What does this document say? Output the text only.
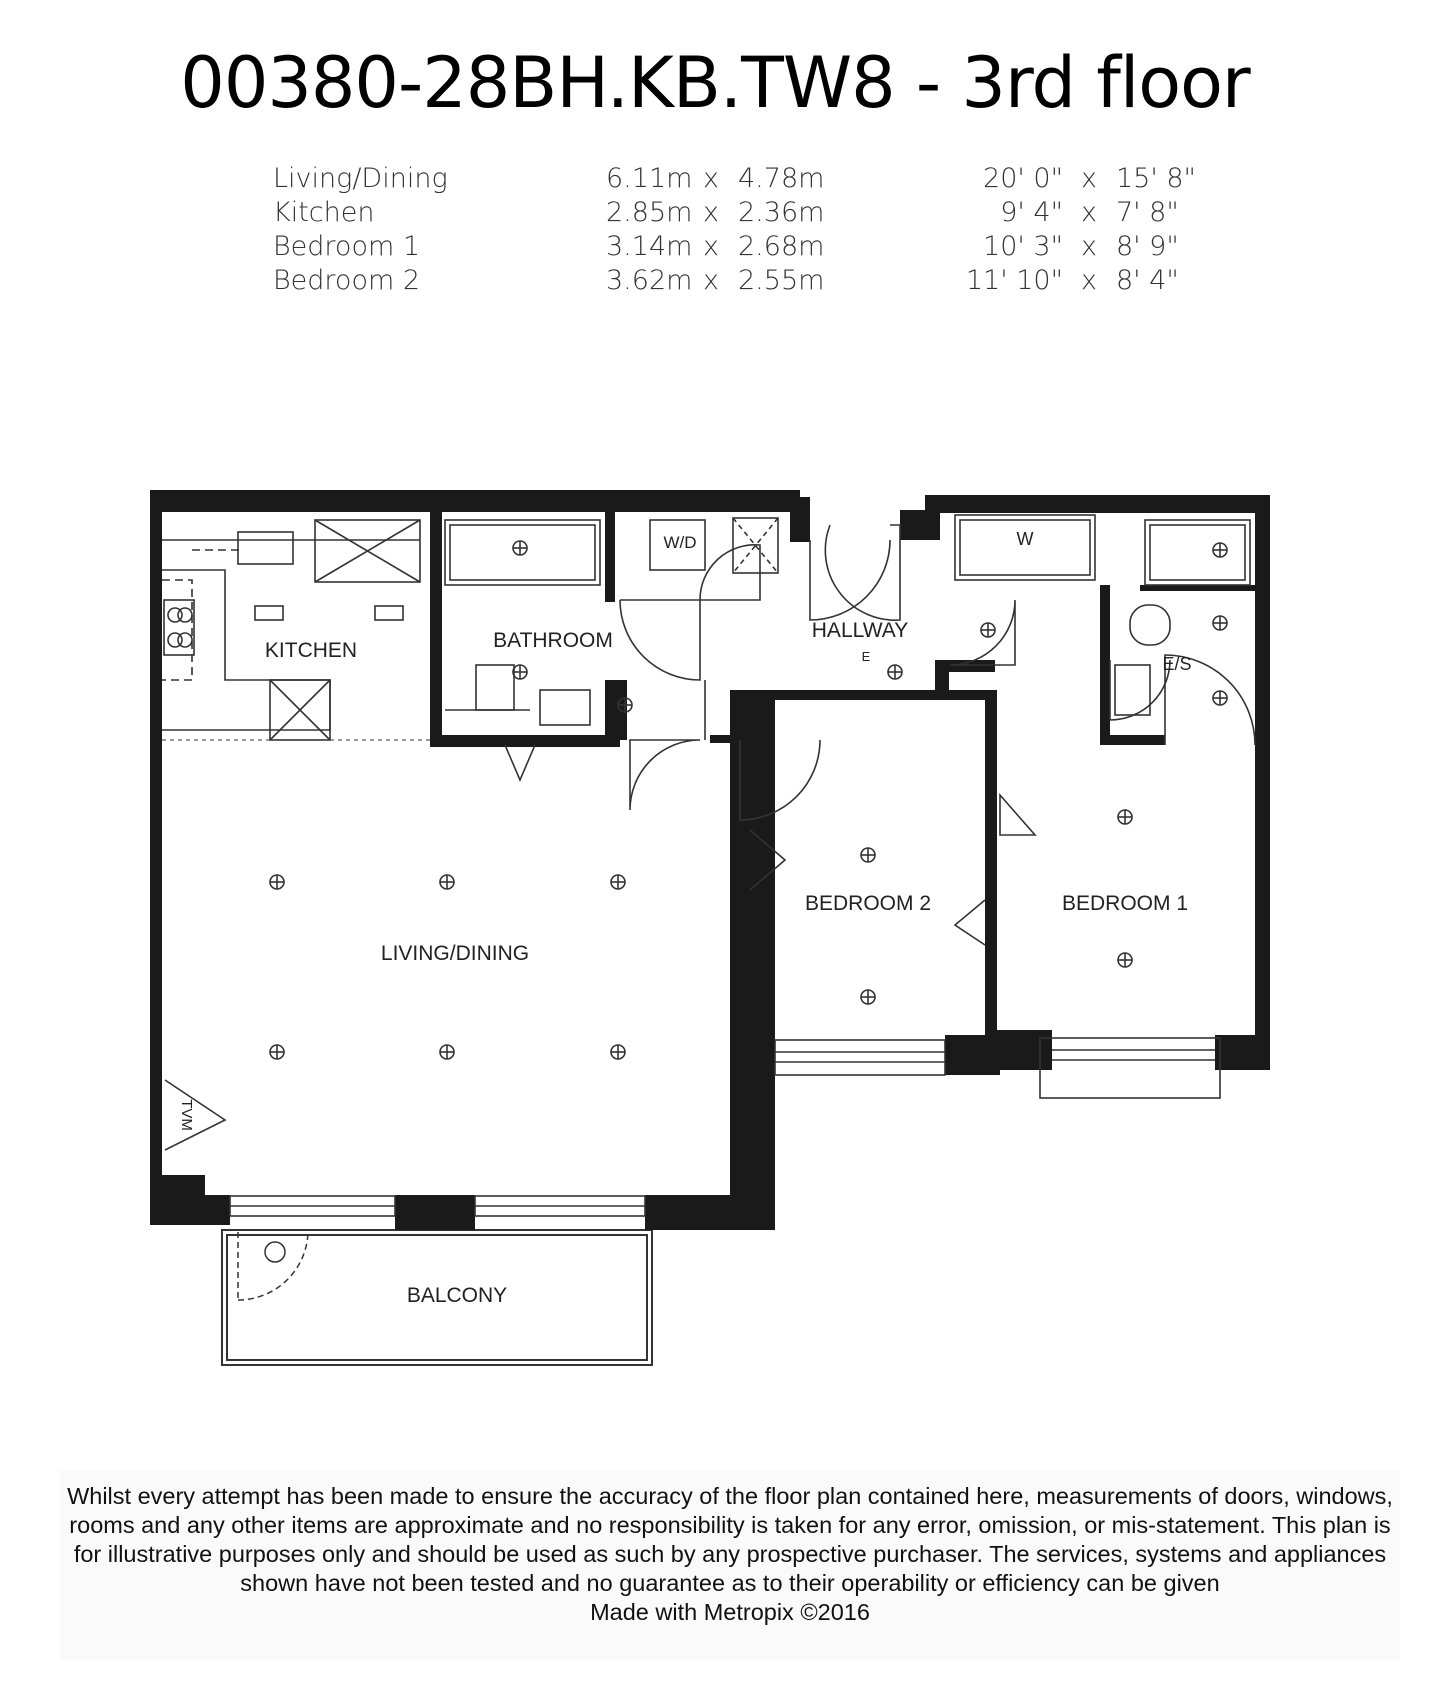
00380-28BH.KB.TW8 - 3rd floor
Living/Dining	6.11m x 4.78m	20' 0" x 15' 8"
Kitchen	2.85m x 2.36m	9' 4" x 7' 8"
Bedroom 1	3.14m x 2.68m	10' 3" x 8' 9"
Bedroom 2	3.62m x 2.55m	11' 10" x 8' 4"
KITCHEN	BATHROOM	HALLWAY
W/D	W
E/S
E
BEDROOM 2	BEDROOM 1
LIVING/DINING
TVM
BALCONY

Whilst every attempt has been made to ensure the accuracy of the floor plan contained here, measurements of doors, windows, rooms and any other items are approximate and no responsibility is taken for any error, omission, or mis-statement. This plan is for illustrative purposes only and should be used as such by any prospective purchaser. The services, systems and appliances shown have not been tested and no guarantee as to their operability or efficiency can be given

Made with Metropix ©2016
